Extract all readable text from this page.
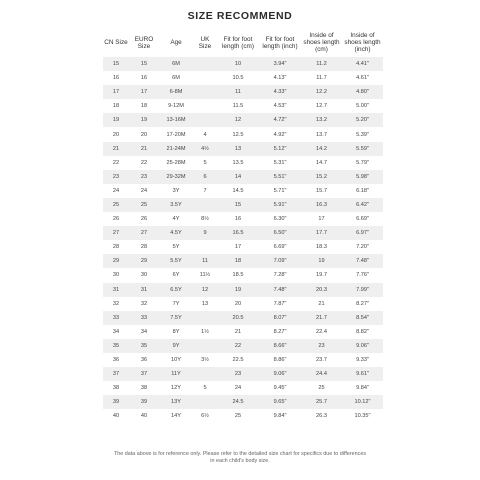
SIZE RECOMMEND
CN Size	EURO Size	Age	UK Size	Fit for foot length (cm)	Fit for foot length (inch)	Inside of shoes length (cm)	Inside of shoes length (inch)
15	15	6M		10	3.94"	11.2	4.41"
16	16	6M		10.5	4.13"	11.7	4.61"
17	17	6-8M		11	4.33"	12.2	4.80"
18	18	9-12M		11.5	4.53"	12.7	5.00"
19	19	13-16M		12	4.72"	13.2	5.20"
20	20	17-20M	4	12.5	4.92"	13.7	5.39"
21	21	21-24M	4½	13	5.12"	14.2	5.59"
22	22	25-28M	5	13.5	5.31"	14.7	5.79"
23	23	29-32M	6	14	5.51"	15.2	5.98"
24	24	3Y	7	14.5	5.71"	15.7	6.18"
25	25	3.5Y		15	5.91"	16.3	6.42"
26	26	4Y	8½	16	6.30"	17	6.69"
27	27	4.5Y	9	16.5	6.50"	17.7	6.97"
28	28	5Y		17	6.69"	18.3	7.20"
29	29	5.5Y	11	18	7.09"	19	7.48"
30	30	6Y	11½	18.5	7.28"	19.7	7.76"
31	31	6.5Y	12	19	7.48"	20.3	7.99"
32	32	7Y	13	20	7.87"	21	8.27"
33	33	7.5Y		20.5	8.07"	21.7	8.54"
34	34	8Y	1½	21	8.27"	22.4	8.82"
35	35	9Y		22	8.66"	23	9.06"
36	36	10Y	3½	22.5	8.86"	23.7	9.33"
37	37	11Y		23	9.06"	24.4	9.61"
38	38	12Y	5	24	9.45"	25	9.84"
39	39	13Y		24.5	9.65"	25.7	10.12"
40	40	14Y	6½	25	9.84"	26.3	10.35"
The data above is for reference only. Please refer to the detailed size chart for specifics due to differences in each child's body size.
